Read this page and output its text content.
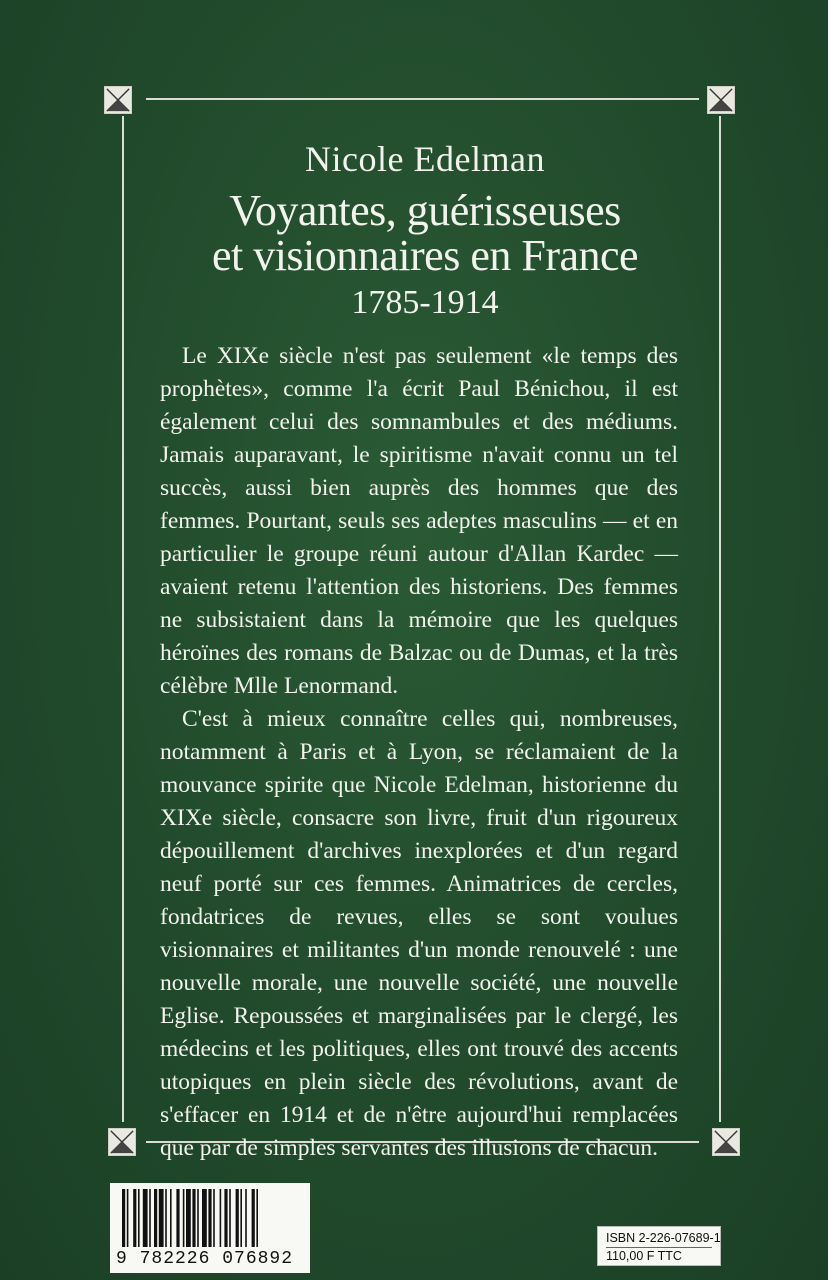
Nicole Edelman
Voyantes, guérisseuses
et visionnaires en France
1785-1914

Le XIXe siècle n'est pas seulement «le temps des prophètes», comme l'a écrit Paul Bénichou, il est également celui des somnambules et des médiums. Jamais auparavant, le spiritisme n'avait connu un tel succès, aussi bien auprès des hommes que des femmes. Pourtant, seuls ses adeptes masculins — et en particulier le groupe réuni autour d'Allan Kardec — avaient retenu l'attention des historiens. Des femmes ne subsistaient dans la mémoire que les quelques héroïnes des romans de Balzac ou de Dumas, et la très célèbre Mlle Lenormand.

C'est à mieux connaître celles qui, nombreuses, notamment à Paris et à Lyon, se réclamaient de la mouvance spirite que Nicole Edelman, historienne du XIXe siècle, consacre son livre, fruit d'un rigoureux dépouillement d'archives inexplorées et d'un regard neuf porté sur ces femmes. Animatrices de cercles, fondatrices de revues, elles se sont voulues visionnaires et militantes d'un monde renouvelé : une nouvelle morale, une nouvelle société, une nouvelle Eglise. Repoussées et marginalisées par le clergé, les médecins et les politiques, elles ont trouvé des accents utopiques en plein siècle des révolutions, avant de s'effacer en 1914 et de n'être aujourd'hui remplacées que par de simples servantes des illusions de chacun.

9 782226 076892
ISBN 2-226-07689-1
110,00 F TTC
